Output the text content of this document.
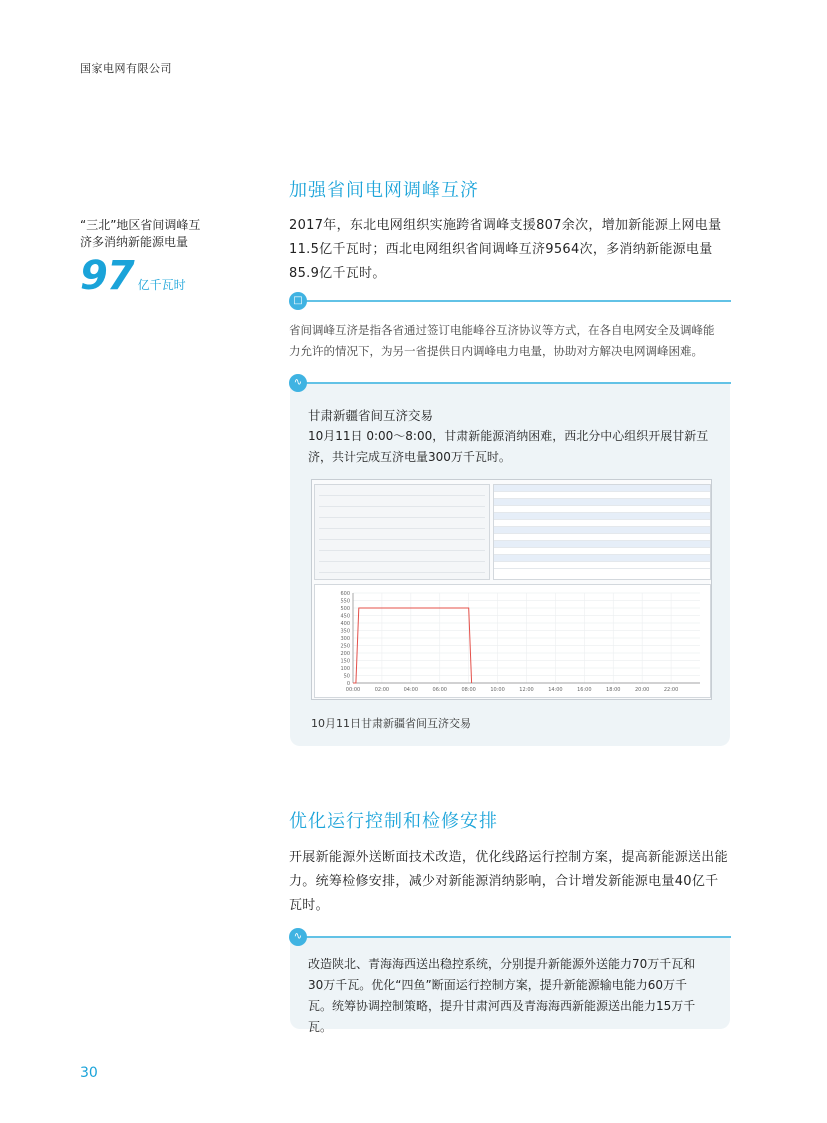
国家电网有限公司
“三北”地区省间调峰互
济多消纳新能源电量
97 亿千瓦时
加强省间电网调峰互济
2017年，东北电网组织实施跨省调峰支援807余次，增加新能源上网电量
11.5亿千瓦时；西北电网组织省间调峰互济9564次，多消纳新能源电量
85.9亿千瓦时。
□
省间调峰互济是指各省通过签订电能峰谷互济协议等方式，在各自电网安全及调峰能
力允许的情况下，为另一省提供日内调峰电力电量，协助对方解决电网调峰困难。
甘肃新疆省间互济交易
10月11日 0:00～8:00，甘肃新能源消纳困难，西北分中心组织开展甘新互
济，共计完成互济电量300万千瓦时。
∿
0
50
100
150
200
250
300
350
400
450
500
550
600
00:00	02:00	04:00	06:00	08:00	10:00	12:00	14:00	16:00	18:00	20:00	22:00
10月11日甘肃新疆省间互济交易
优化运行控制和检修安排
开展新能源外送断面技术改造，优化线路运行控制方案，提高新能源送出能
力。统筹检修安排，减少对新能源消纳影响，合计增发新能源电量40亿千
瓦时。
改造陕北、青海海西送出稳控系统，分别提升新能源外送能力70万千瓦和
30万千瓦。优化“四鱼”断面运行控制方案，提升新能源输电能力60万千
瓦。统筹协调控制策略，提升甘肃河西及青海海西新能源送出能力15万千瓦。
∿
30
